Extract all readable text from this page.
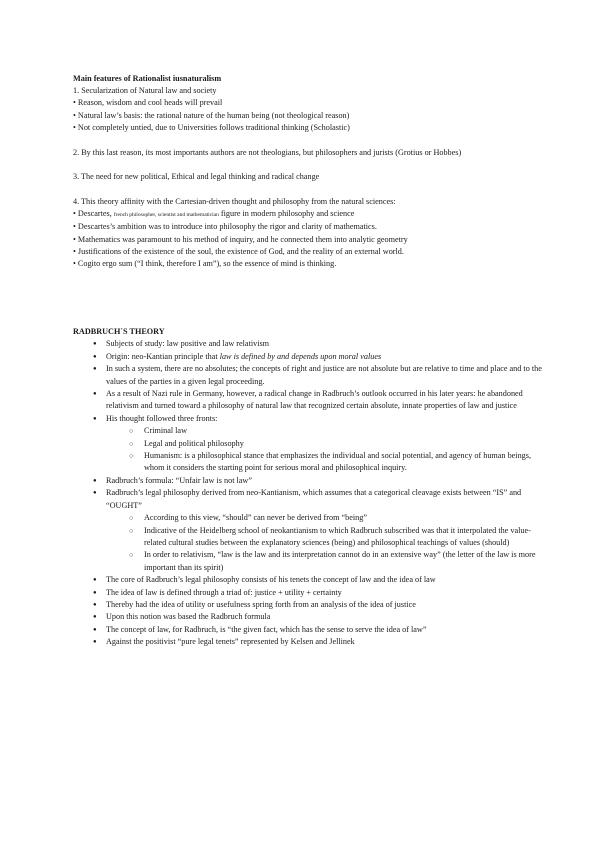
Main features of Rationalist iusnaturalism

1. Secularization of Natural law and society

• Reason, wisdom and cool heads will prevail

• Natural law’s basis: the rational nature of the human being (not theological reason)

• Not completely untied, due to Universities follows traditional thinking (Scholastic)

2. By this last reason, its most importants authors are not theologians, but philosophers and jurists (Grotius or Hobbes)

3. The need for new political, Ethical and legal thinking and radical change

4. This theory affinity with the Cartesian-driven thought and philosophy from the natural sciences:

• Descartes, french philosopher, scientist and mathematician figure in modern philosophy and science

• Descartes’s ambition was to introduce into philosophy the rigor and clarity of mathematics.

• Mathematics was paramount to his method of inquiry, and he connected them into analytic geometry

• Justifications of the existence of the soul, the existence of God, and the reality of an external world.

• Cogito ergo sum (“I think, therefore I am”), so the essence of mind is thinking.

RADBRUCH´S THEORY

● Subjects of study: law positive and law relativism
● Origin: neo-Kantian principle that law is defined by and depends upon moral values
● In such a system, there are no absolutes; the concepts of right and justice are not absolute but are relative to time and place and to the values of the parties in a given legal proceeding.
● As a result of Nazi rule in Germany, however, a radical change in Radbruch’s outlook occurred in his later years: he abandoned relativism and turned toward a philosophy of natural law that recognized certain absolute, innate properties of law and justice
● His thought followed three fronts:
○ Criminal law
○ Legal and political philosophy
○ Humanism: is a philosophical stance that emphasizes the individual and social potential, and agency of human beings, whom it considers the starting point for serious moral and philosophical inquiry.
● Radbruch’s formula: “Unfair law is not law”
● Radbruch’s legal philosophy derived from neo-Kantianism, which assumes that a categorical cleavage exists between “IS” and “OUGHT”
○ According to this view, “should” can never be derived from “being”
○ Indicative of the Heidelberg school of neokantianism to which Radbruch subscribed was that it interpolated the value-related cultural studies between the explanatory sciences (being) and philosophical teachings of values (should)
○ In order to relativism, “law is the law and its interpretation cannot do in an extensive way” (the letter of the law is more important than its spirit)
● The core of Radbruch’s legal philosophy consists of his tenets the concept of law and the idea of law
● The idea of law is defined through a triad of: justice + utility + certainty
● Thereby had the idea of utility or usefulness spring forth from an analysis of the idea of justice
● Upon this notion was based the Radbruch formula
● The concept of law, for Radbruch, is “the given fact, which has the sense to serve the idea of law”
● Against the positivist “pure legal tenets” represented by Kelsen and Jellinek
